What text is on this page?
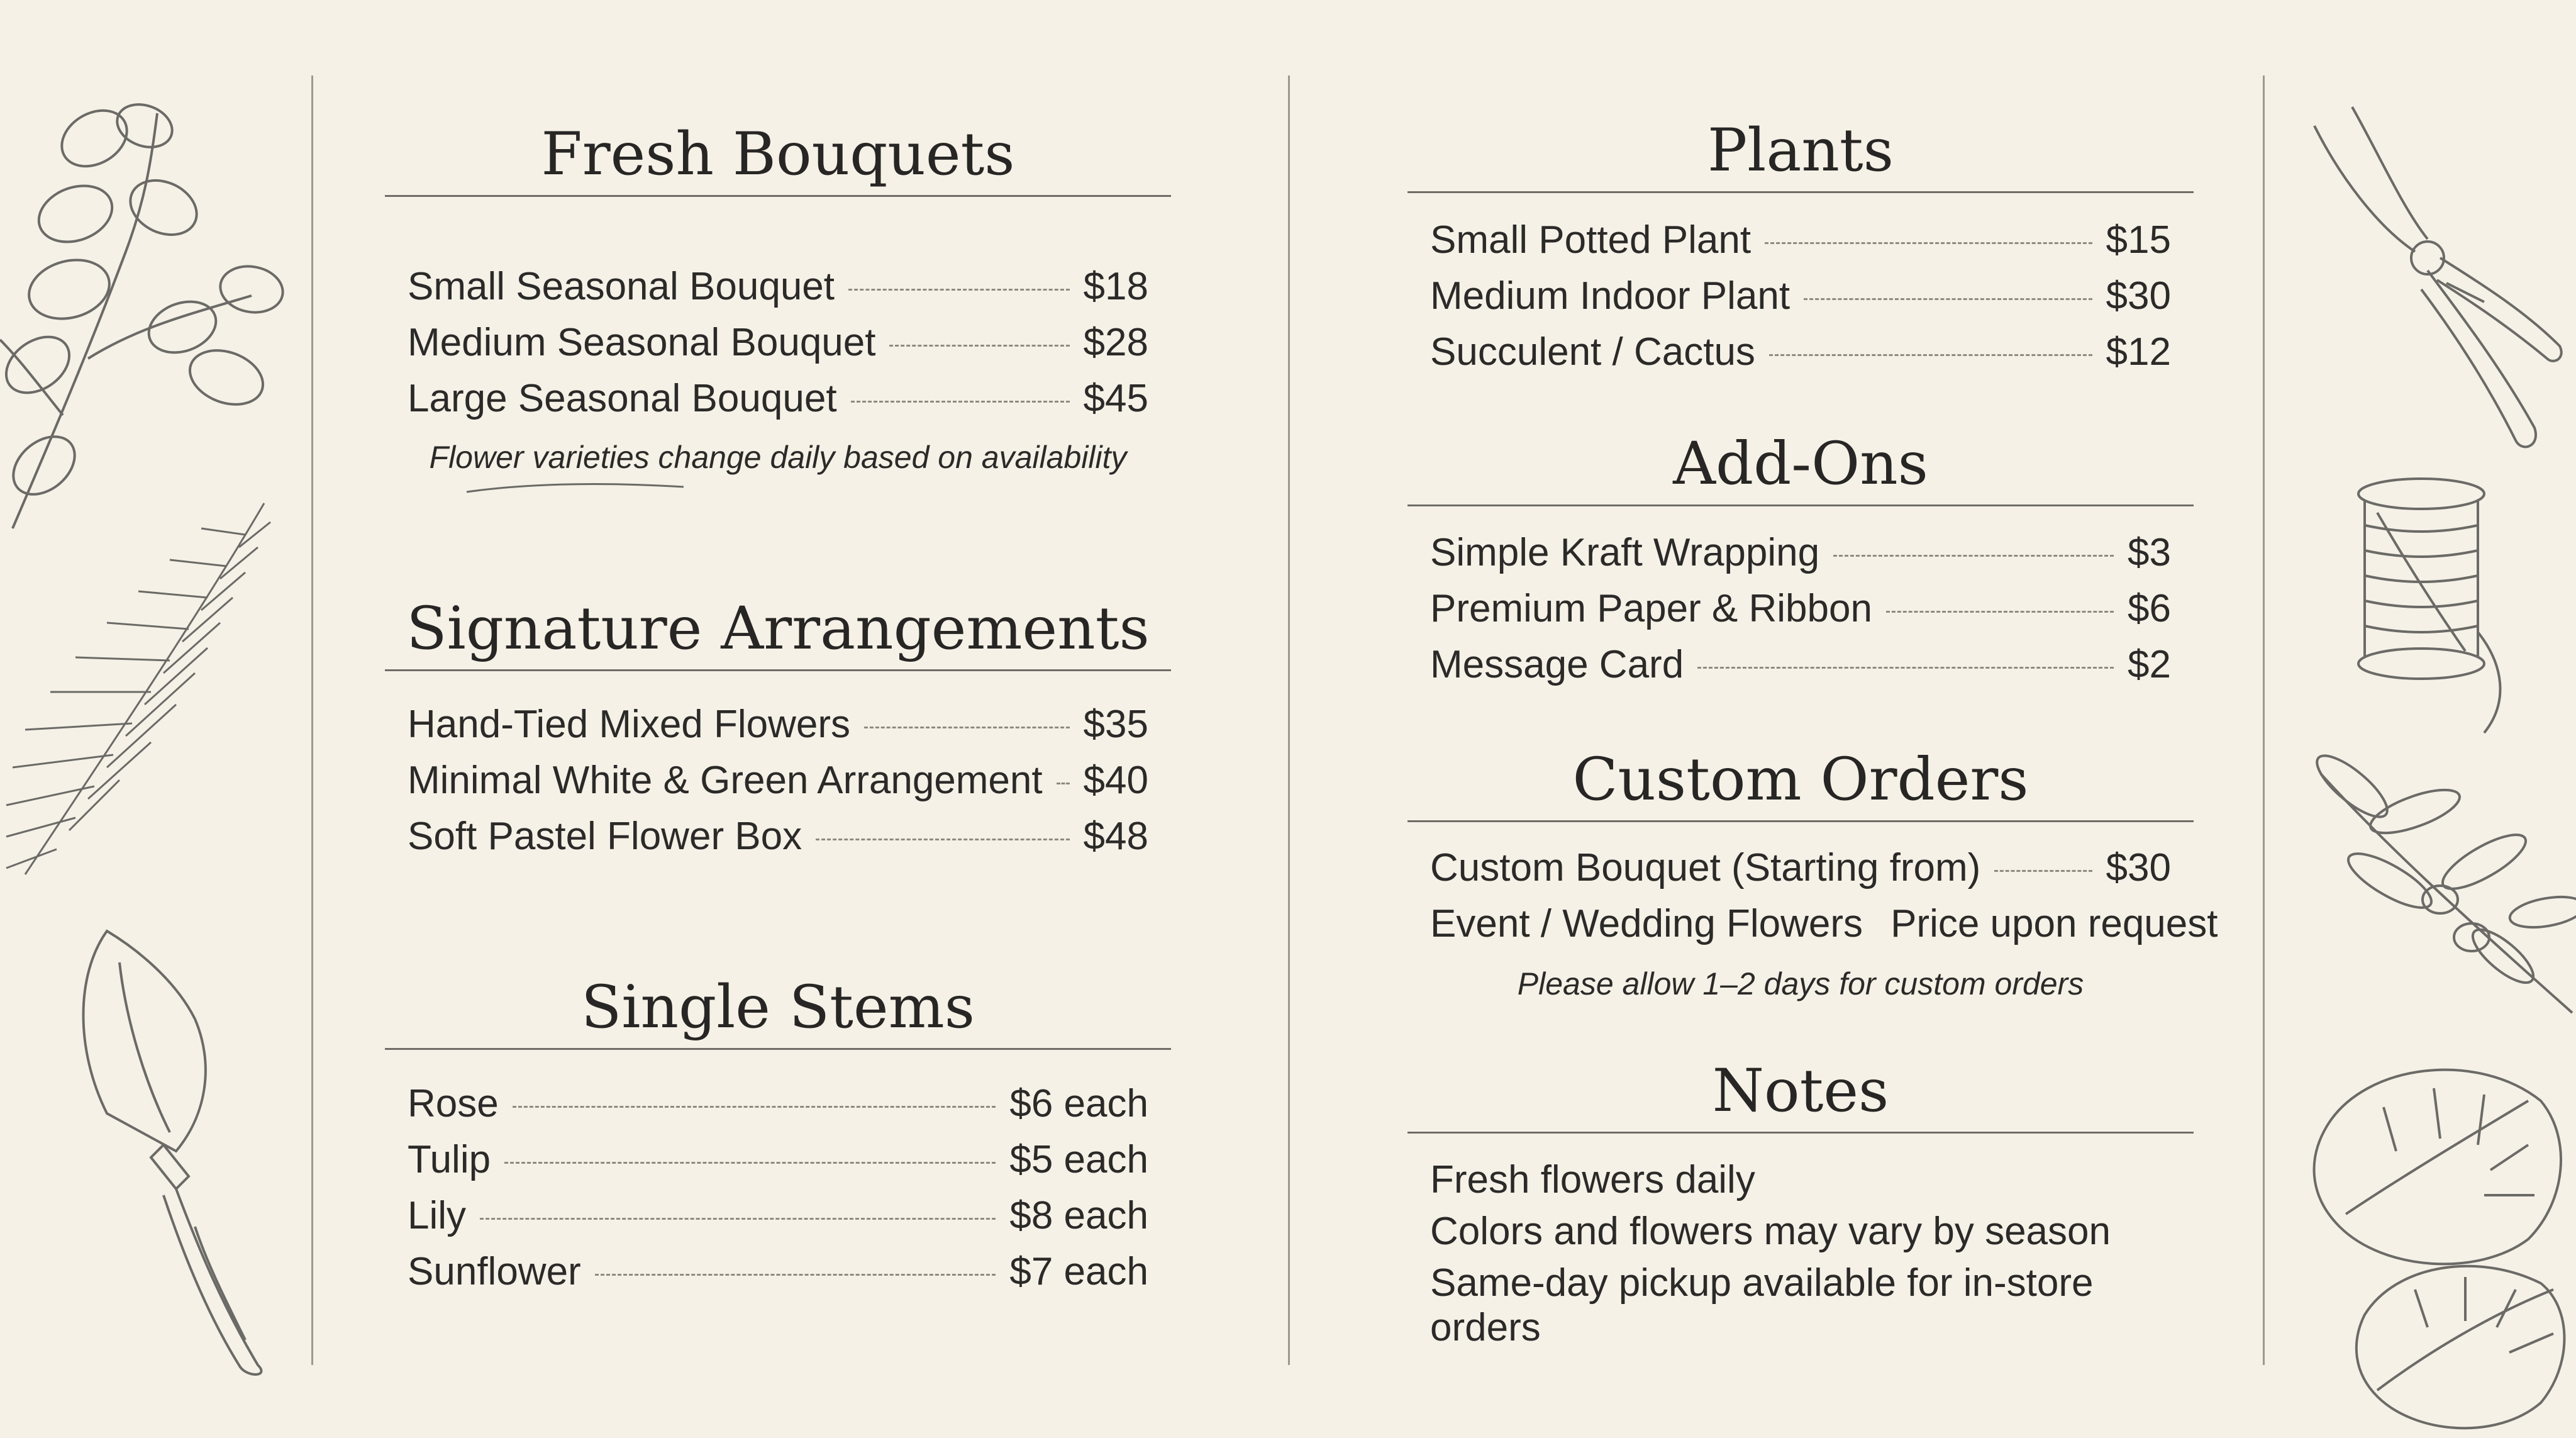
Fresh Bouquets
Small Seasonal Bouquet	$18
Medium Seasonal Bouquet	$28
Large Seasonal Bouquet	$45
Flower varieties change daily based on availability
Signature Arrangements
Hand-Tied Mixed Flowers	$35
Minimal White & Green Arrangement $40
Soft Pastel Flower Box	$48
Single Stems
Rose	$6 each
Tulip	$5 each
Lily	$8 each
Sunflower	$7 each
Plants
Small Potted Plant	$15
Medium Indoor Plant	$30
Succulent / Cactus	$12
Add-Ons
Simple Kraft Wrapping	$3
Premium Paper & Ribbon	$6
Message Card	$2
Custom Orders
Custom Bouquet (Starting from)	$30
Event / Wedding Flowers Price upon request
Please allow 1–2 days for custom orders
Notes
Fresh flowers daily
Colors and flowers may vary by season
Same-day pickup available for in-store orders
